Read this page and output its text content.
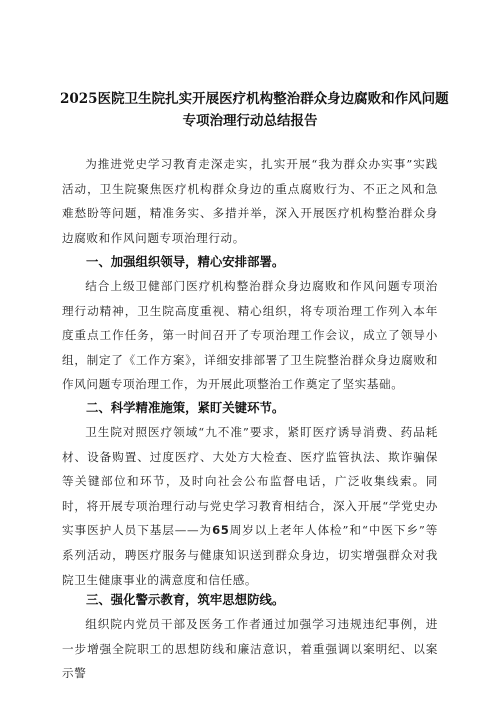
2025医院卫生院扎实开展医疗机构整治群众身边腐败和作风问题
专项治理行动总结报告

为推进党史学习教育走深走实，扎实开展“我为群众办实事”实践活动，卫生院聚焦医疗机构群众身边的重点腐败行为、不正之风和急难愁盼等问题，精准务实、多措并举，深入开展医疗机构整治群众身边腐败和作风问题专项治理行动。

一、加强组织领导，精心安排部署。

结合上级卫健部门医疗机构整治群众身边腐败和作风问题专项治理行动精神，卫生院高度重视、精心组织，将专项治理工作列入本年度重点工作任务，第一时间召开了专项治理工作会议，成立了领导小组，制定了《工作方案》，详细安排部署了卫生院整治群众身边腐败和作风问题专项治理工作，为开展此项整治工作奠定了坚实基础。

二、科学精准施策，紧盯关键环节。

卫生院对照医疗领域“九不准”要求，紧盯医疗诱导消费、药品耗材、设备购置、过度医疗、大处方大检查、医疗监管执法、欺诈骗保等关键部位和环节，及时向社会公布监督电话，广泛收集线索。同时，将开展专项治理行动与党史学习教育相结合，深入开展“学党史办实事医护人员下基层——为65周岁以上老年人体检”和“中医下乡”等系列活动，聘医疗服务与健康知识送到群众身边，切实增强群众对我院卫生健康事业的满意度和信任感。

三、强化警示教育，筑牢思想防线。

组织院内党员干部及医务工作者通过加强学习违规违纪事例，进一步增强全院职工的思想防线和廉洁意识，着重强调以案明纪、以案示警
